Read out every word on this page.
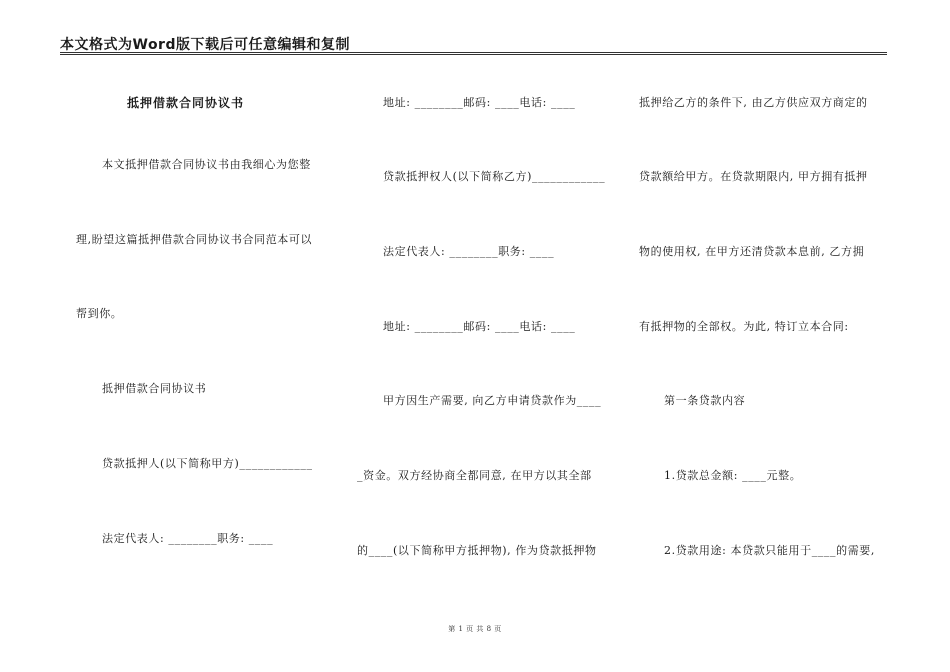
本文格式为Word版下载后可任意编辑和复制
抵押借款合同协议书
本文抵押借款合同协议书由我细心为您整
理,盼望这篇抵押借款合同协议书合同范本可以
帮到你。
抵押借款合同协议书
贷款抵押人(以下简称甲方)____________
法定代表人: ________职务: ____
地址: ________邮码: ____电话: ____
贷款抵押权人(以下简称乙方)____________
法定代表人: ________职务: ____
地址: ________邮码: ____电话: ____
甲方因生产需要, 向乙方申请贷款作为____
_资金。双方经协商全都同意, 在甲方以其全部
的____(以下简称甲方抵押物), 作为贷款抵押物
抵押给乙方的条件下, 由乙方供应双方商定的
贷款额给甲方。在贷款期限内, 甲方拥有抵押
物的使用权, 在甲方还清贷款本息前, 乙方拥
有抵押物的全部权。为此, 特订立本合同:
第一条贷款内容
1.贷款总金额: ____元整。
2.贷款用途: 本贷款只能用于____的需要,
第 1 页 共 8 页
